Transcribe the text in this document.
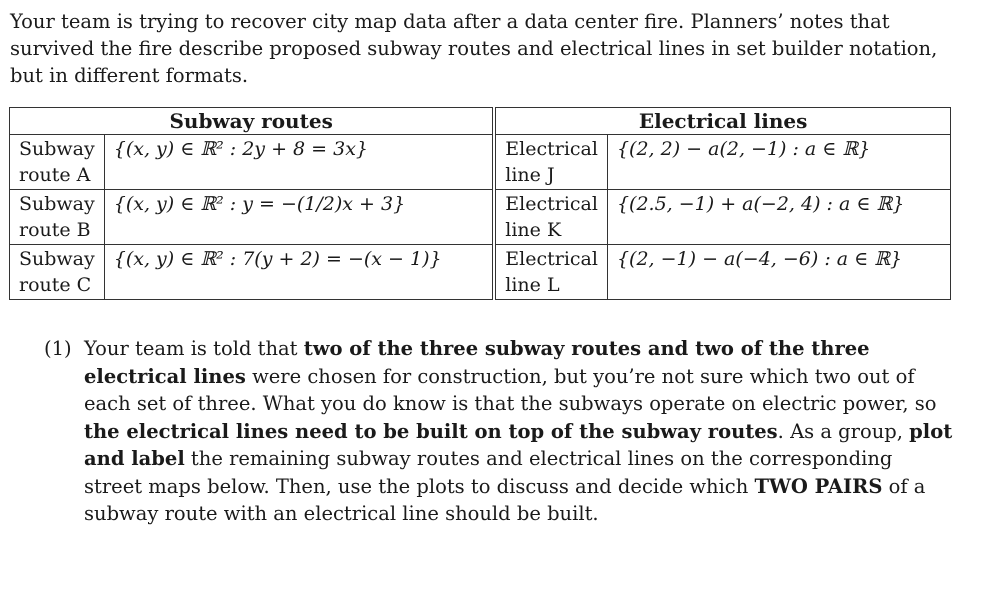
Your team is trying to recover city map data after a data center fire. Planners’ notes that survived the fire describe proposed subway routes and electrical lines in set builder notation, but in different formats.
Subway routes		Electrical lines	
Subway route A	{(x, y) ∈ ℝ² : 2y + 8 = 3x}	Electrical line J	{(2, 2) − a(2, −1) : a ∈ ℝ}
Subway route B	{(x, y) ∈ ℝ² : y = −(1/2)x + 3}	Electrical line K	{(2.5, −1) + a(−2, 4) : a ∈ ℝ}
Subway route C	{(x, y) ∈ ℝ² : 7(y + 2) = −(x − 1)}	Electrical line L	{(2, −1) − a(−4, −6) : a ∈ ℝ}
(1) Your team is told that two of the three subway routes and two of the three electrical lines were chosen for construction, but you’re not sure which two out of each set of three. What you do know is that the subways operate on electric power, so the electrical lines need to be built on top of the subway routes. As a group, plot and label the remaining subway routes and electrical lines on the corresponding street maps below. Then, use the plots to discuss and decide which TWO PAIRS of a subway route with an electrical line should be built.
